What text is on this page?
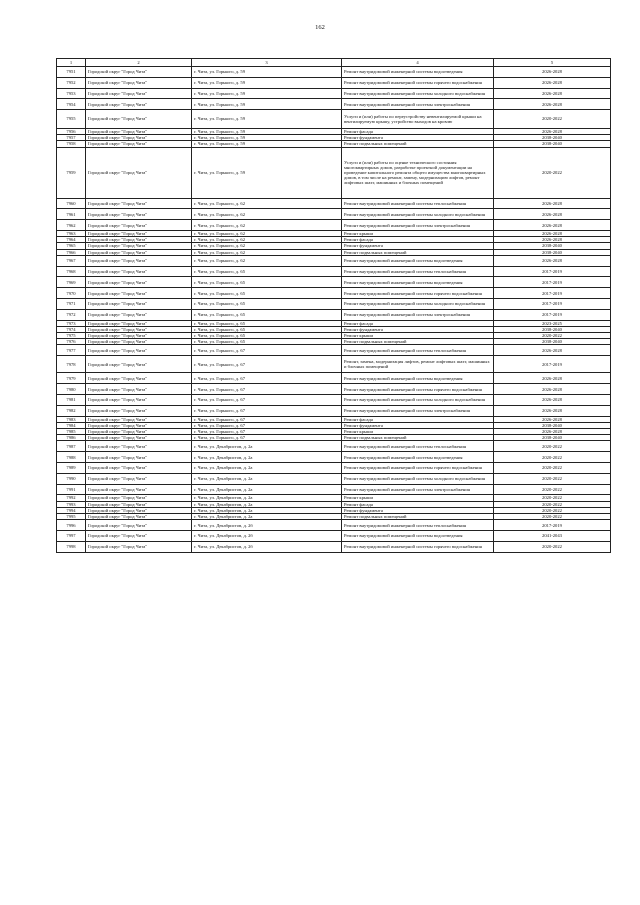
162
1	2	3	4	5
7951	Городской округ "Город Чита"	г. Чита, ул. Горького, д. 59	Ремонт внутридомовой инженерной системы водоотведения	2026-2028
7952	Городской округ "Город Чита"	г. Чита, ул. Горького, д. 59	Ремонт внутридомовой инженерной системы горячего водоснабжения	2026-2028
7953	Городской округ "Город Чита"	г. Чита, ул. Горького, д. 59	Ремонт внутридомовой инженерной системы холодного водоснабжения	2026-2028
7954	Городской округ "Город Чита"	г. Чита, ул. Горького, д. 59	Ремонт внутридомовой инженерной системы электроснабжения	2026-2028
7955	Городской округ "Город Чита"	г. Чита, ул. Горького, д. 59	Услуги и (или) работы по переустройству невентилируемой крыши на вентилируемую крышу, устройство выходов на кровлю	2020-2022
7956	Городской округ "Город Чита"	г. Чита, ул. Горького, д. 59	Ремонт фасада	2026-2028
7957	Городской округ "Город Чита"	г. Чита, ул. Горького, д. 59	Ремонт фундамента	2038-2040
7958	Городской округ "Город Чита"	г. Чита, ул. Горького, д. 59	Ремонт подвальных помещений	2038-2040
7959	Городской округ "Город Чита"	г. Чита, ул. Горького, д. 59	Услуги и (или) работы по оценке технического состояния многоквартирных домов, разработке проектной документации на проведение капитального ремонта общего имущества многоквартирных домов, в том числе на ремонт, замену, модернизацию лифтов, ремонт лифтовых шахт, машинных и блочных помещений	2020-2022
7960	Городской округ "Город Чита"	г. Чита, ул. Горького, д. 62	Ремонт внутридомовой инженерной системы теплоснабжения	2026-2028
7961	Городской округ "Город Чита"	г. Чита, ул. Горького, д. 62	Ремонт внутридомовой инженерной системы холодного водоснабжения	2026-2028
7962	Городской округ "Город Чита"	г. Чита, ул. Горького, д. 62	Ремонт внутридомовой инженерной системы электроснабжения	2026-2028
7963	Городской округ "Город Чита"	г. Чита, ул. Горького, д. 62	Ремонт крыши	2026-2028
7964	Городской округ "Город Чита"	г. Чита, ул. Горького, д. 62	Ремонт фасада	2026-2028
7965	Городской округ "Город Чита"	г. Чита, ул. Горького, д. 62	Ремонт фундамента	2038-2040
7966	Городской округ "Город Чита"	г. Чита, ул. Горького, д. 62	Ремонт подвальных помещений	2038-2040
7967	Городской округ "Город Чита"	г. Чита, ул. Горького, д. 62	Ремонт внутридомовой инженерной системы водоотведения	2026-2028
7968	Городской округ "Город Чита"	г. Чита, ул. Горького, д. 65	Ремонт внутридомовой инженерной системы теплоснабжения	2017-2019
7969	Городской округ "Город Чита"	г. Чита, ул. Горького, д. 65	Ремонт внутридомовой инженерной системы водоотведения	2017-2019
7970	Городской округ "Город Чита"	г. Чита, ул. Горького, д. 65	Ремонт внутридомовой инженерной системы горячего водоснабжения	2017-2019
7971	Городской округ "Город Чита"	г. Чита, ул. Горького, д. 65	Ремонт внутридомовой инженерной системы холодного водоснабжения	2017-2019
7972	Городской округ "Город Чита"	г. Чита, ул. Горького, д. 65	Ремонт внутридомовой инженерной системы электроснабжения	2017-2019
7973	Городской округ "Город Чита"	г. Чита, ул. Горького, д. 65	Ремонт фасада	2023-2025
7974	Городской округ "Город Чита"	г. Чита, ул. Горького, д. 65	Ремонт фундамента	2038-2040
7975	Городской округ "Город Чита"	г. Чита, ул. Горького, д. 65	Ремонт крыши	2020-2022
7976	Городской округ "Город Чита"	г. Чита, ул. Горького, д. 65	Ремонт подвальных помещений	2038-2040
7977	Городской округ "Город Чита"	г. Чита, ул. Горького, д. 67	Ремонт внутридомовой инженерной системы теплоснабжения	2026-2028
7978	Городской округ "Город Чита"	г. Чита, ул. Горького, д. 67	Ремонт, замена, модернизация лифтов, ремонт лифтовых шахт, машинных и блочных помещений	2017-2019
7979	Городской округ "Город Чита"	г. Чита, ул. Горького, д. 67	Ремонт внутридомовой инженерной системы водоотведения	2026-2028
7980	Городской округ "Город Чита"	г. Чита, ул. Горького, д. 67	Ремонт внутридомовой инженерной системы горячего водоснабжения	2026-2028
7981	Городской округ "Город Чита"	г. Чита, ул. Горького, д. 67	Ремонт внутридомовой инженерной системы холодного водоснабжения	2026-2028
7982	Городской округ "Город Чита"	г. Чита, ул. Горького, д. 67	Ремонт внутридомовой инженерной системы электроснабжения	2026-2028
7983	Городской округ "Город Чита"	г. Чита, ул. Горького, д. 67	Ремонт фасада	2026-2028
7984	Городской округ "Город Чита"	г. Чита, ул. Горького, д. 67	Ремонт фундамента	2038-2040
7985	Городской округ "Город Чита"	г. Чита, ул. Горького, д. 67	Ремонт крыши	2026-2028
7986	Городской округ "Город Чита"	г. Чита, ул. Горького, д. 67	Ремонт подвальных помещений	2038-2040
7987	Городской округ "Город Чита"	г. Чита, ул. Декабристов, д. 2а	Ремонт внутридомовой инженерной системы теплоснабжения	2020-2022
7988	Городской округ "Город Чита"	г. Чита, ул. Декабристов, д. 2а	Ремонт внутридомовой инженерной системы водоотведения	2020-2022
7989	Городской округ "Город Чита"	г. Чита, ул. Декабристов, д. 2а	Ремонт внутридомовой инженерной системы горячего водоснабжения	2020-2022
7990	Городской округ "Город Чита"	г. Чита, ул. Декабристов, д. 2а	Ремонт внутридомовой инженерной системы холодного водоснабжения	2020-2022
7991	Городской округ "Город Чита"	г. Чита, ул. Декабристов, д. 2а	Ремонт внутридомовой инженерной системы электроснабжения	2020-2022
7992	Городской округ "Город Чита"	г. Чита, ул. Декабристов, д. 2а	Ремонт крыши	2020-2022
7993	Городской округ "Город Чита"	г. Чита, ул. Декабристов, д. 2а	Ремонт фасада	2020-2022
7994	Городской округ "Город Чита"	г. Чита, ул. Декабристов, д. 2а	Ремонт фундамента	2020-2022
7995	Городской округ "Город Чита"	г. Чита, ул. Декабристов, д. 2а	Ремонт подвальных помещений	2020-2022
7996	Городской округ "Город Чита"	г. Чита, ул. Декабристов, д. 2б	Ремонт внутридомовой инженерной системы теплоснабжения	2017-2019
7997	Городской округ "Город Чита"	г. Чита, ул. Декабристов, д. 2б	Ремонт внутридомовой инженерной системы водоотведения	2041-2043
7998	Городской округ "Город Чита"	г. Чита, ул. Декабристов, д. 2б	Ремонт внутридомовой инженерной системы горячего водоснабжения	2020-2022
